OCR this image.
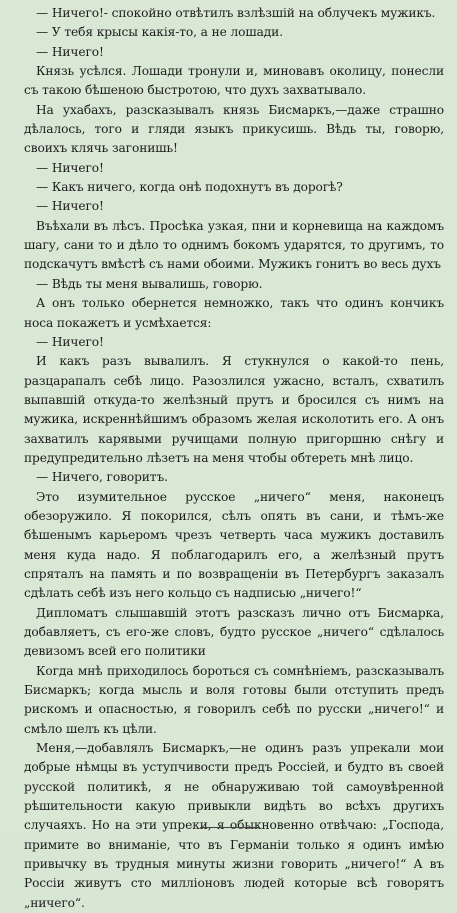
— Ничего!- спокойно отвѣтилъ взлѣзшій на облучекъ мужикъ.

— У тебя крысы какія-то, а не лошади.

— Ничего!

Князь усѣлся. Лошади тронули и, миновавъ околицу, понесли съ такою бѣшеною быстротою, что духъ захватывало.

На ухабахъ, разсказывалъ князь Бисмаркъ,—даже страшно дѣлалось, того и гляди языкъ прикусишь. Вѣдь ты, говорю, своихъ клячь загонишь!

— Ничего!

— Какъ ничего, когда онѣ подохнутъ въ дорогѣ?

— Ничего!

Въѣхали въ лѣсъ. Просѣка узкая, пни и корневища на каждомъ шагу, сани то и дѣло то однимъ бокомъ ударятся, то другимъ, то подскачутъ вмѣстѣ съ нами обоими. Мужикъ гонитъ во весь духъ

— Вѣдь ты меня вывалишь, говорю.

А онъ только обернется немножко, такъ что одинъ кончикъ носа покажетъ и усмѣхается:

— Ничего!

И какъ разъ вывалилъ. Я стукнулся о какой-то пень, разцарапалъ себѣ лицо. Разозлился ужасно, всталъ, схватилъ выпавшій откуда-то желѣзный прутъ и бросился съ нимъ на мужика, искреннѣйшимъ образомъ желая исколотить его. А онъ захватилъ карявыми ручищами полную пригоршню снѣгу и предупредительно лѣзетъ на меня чтобы обтереть мнѣ лицо.

— Ничего, говоритъ.

Это изумительное русское „ничего“ меня, наконецъ обезоружило. Я покорился, сѣлъ опять въ сани, и тѣмъ-же бѣшенымъ карьеромъ чрезъ четверть часа мужикъ доставилъ меня куда надо. Я поблагодарилъ его, а желѣзный прутъ спряталъ на память и по возвращеніи въ Петербургъ заказалъ сдѣлать себѣ изъ него кольцо съ надписью „ничего!“

Дипломатъ слышавшій этотъ разсказъ лично отъ Бисмарка, добавляетъ, съ его-же словъ, будто русское „ничего“ сдѣлалось девизомъ всей его политики

Когда мнѣ приходилось бороться съ сомнѣніемъ, разсказывалъ Бисмаркъ; когда мысль и воля готовы были отступить предъ рискомъ и опасностью, я говорилъ себѣ по русски „ничего!“ и смѣло шелъ къ цѣли.

Меня,—добавлялъ Бисмаркъ,—не одинъ разъ упрекали мои добрые нѣмцы въ уступчивости предъ Россіей, и будто въ своей русской политикѣ, я не обнаруживаю той самоувѣренной рѣшительности какую привыкли видѣть во всѣхъ другихъ случаяхъ. Но на эти упреки, я обыкновенно отвѣчаю: „Господа, примите во вниманіе, что въ Германіи только я одинъ имѣю привычку въ трудныя минуты жизни говорить „ничего!“ А въ Россіи живутъ сто милліоновъ людей которые всѣ говорятъ „ничего“.
